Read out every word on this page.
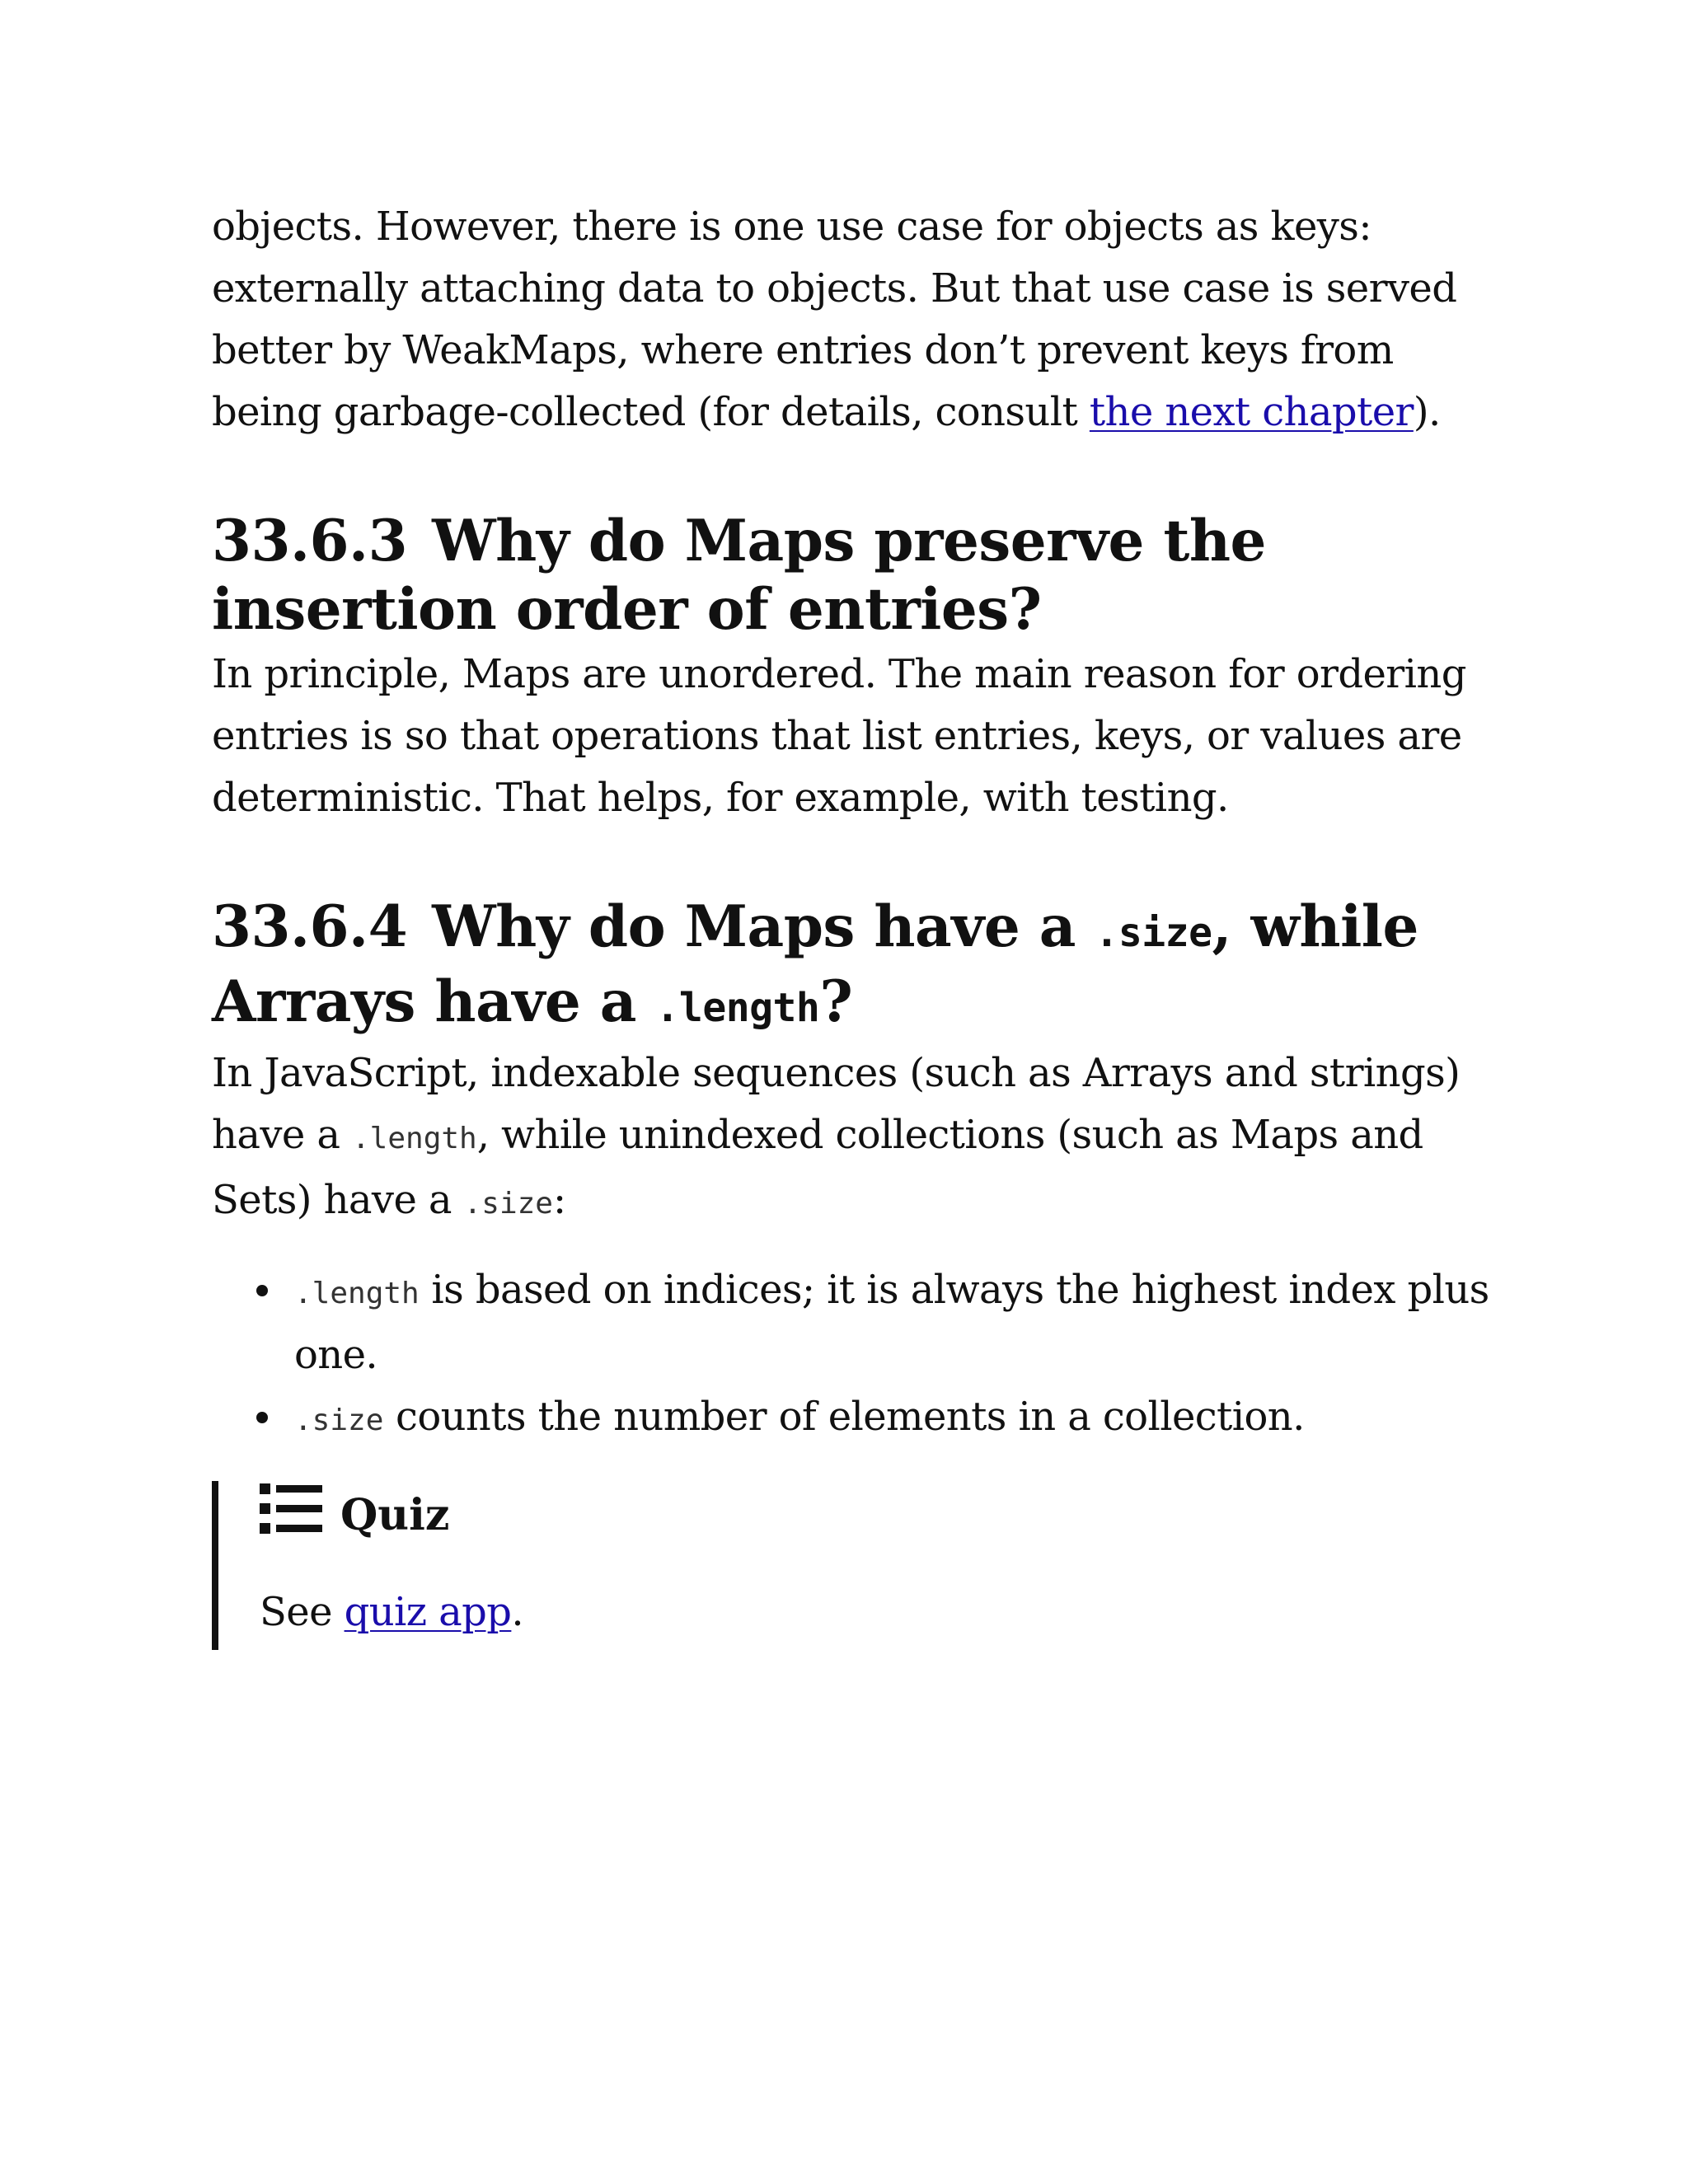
objects. However, there is one use case for objects as keys: externally attaching data to objects. But that use case is served better by WeakMaps, where entries don’t prevent keys from being garbage-collected (for details, consult the next chapter).

33.6.3 Why do Maps preserve the insertion order of entries?

In principle, Maps are unordered. The main reason for ordering entries is so that operations that list entries, keys, or values are deterministic. That helps, for example, with testing.

33.6.4 Why do Maps have a .size, while Arrays have a .length?

In JavaScript, indexable sequences (such as Arrays and strings) have a .length, while unindexed collections (such as Maps and Sets) have a .size:

.length is based on indices; it is always the highest index plus one.
.size counts the number of elements in a collection.
Quiz
See quiz app.
